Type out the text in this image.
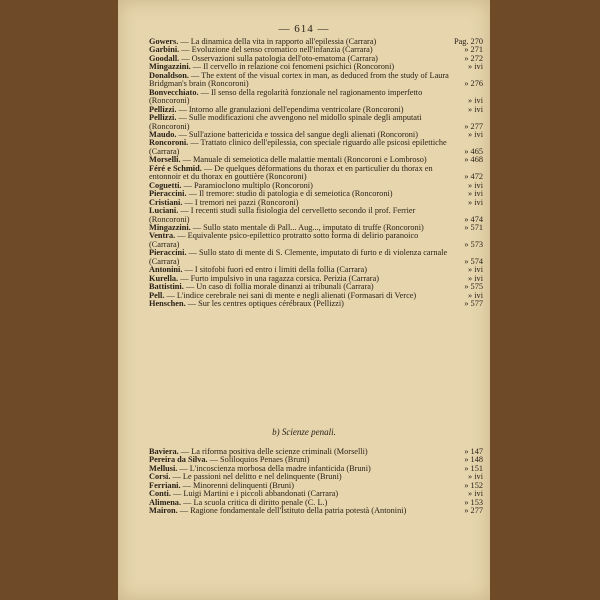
— 614 —
Gowers. — La dinamica della vita in rapporto all'epilessia (Carrara)	Pag. 270
Garbini. — Evoluzione del senso cromatico nell'infanzia (Carrara)	» 271
Goodall. — Osservazioni sulla patologia dell'oto-ematoma (Carrara)	» 272
Mingazzini. — Il cervello in relazione coi fenomeni psichici (Roncoroni)	» ivi
Donaldson. — The extent of the visual cortex in man, as deduced from the study of Laura Bridgman's brain (Roncoroni)	» 276
Bonvecchiato. — Il senso della regolarità fonzionale nel ragionamento imperfetto (Roncoroni)	» ivi
Pellizzi. — Intorno alle granulazioni dell'ependima ventricolare (Roncoroni)	» ivi
Pellizzi. — Sulle modificazioni che avvengono nel midollo spinale degli amputati (Roncoroni)	» 277
Maudo. — Sull'azione battericida e tossica del sangue degli alienati (Roncoroni)	» ivi
Roncoroni. — Trattato clinico dell'epilessia, con speciale riguardo alle psicosi epilettiche (Carrara)	» 465
Morselli. — Manuale di semeiotica delle malattie mentali (Roncoroni e Lombroso)	» 468
Féré e Schmid. — De quelques déformations du thorax et en particulier du thorax en entonnoir et du thorax en gouttière (Roncoroni)	» 472
Coguetti. — Paramioclono multiplo (Roncoroni)	» ivi
Pieraccini. — Il tremore: studio di patologia e di semeiotica (Roncoroni)	» ivi
Cristiani. — I tremori nei pazzi (Roncoroni)	» ivi
Luciani. — I recenti studi sulla fisiologia del cervelletto secondo il prof. Ferrier (Roncoroni)	» 474
Mingazzini. — Sullo stato mentale di Pall... Aug..., imputato di truffe (Roncoroni)	» 571
Ventra. — Equivalente psico-epilettico protratto sotto forma di delirio paranoico (Carrara)	» 573
Pieraccini. — Sullo stato di mente di S. Clemente, imputato di furto e di violenza carnale (Carrara)	» 574
Antonini. — I sitofobi fuori ed entro i limiti della follia (Carrara)	» ivi
Kurella. — Furto impulsivo in una ragazza corsica. Perizia (Carrara)	» ivi
Battistini. — Un caso di follia morale dinanzi ai tribunali (Carrara)	» 575
Pell. — L'indice cerebrale nei sani di mente e negli alienati (Formasari di Verce)	» ivi
Henschen. — Sur les centres optiques cérébraux (Pellizzi)	» 577
b) Scienze penali.
Baviera. — La riforma positiva delle scienze criminali (Morselli)	» 147
Pereira da Silva. — Soliloquios Penaes (Bruni)	» 148
Mellusi. — L'incoscienza morbosa della madre infanticida (Bruni)	» 151
Corsi. — Le passioni nel delitto e nel delinquente (Bruni)	» ivi
Ferriani. — Minorenni delinquenti (Bruni)	» 152
Conti. — Luigi Martini e i piccoli abbandonati (Carrara)	» ivi
Alimena. — La scuola critica di diritto penale (C. L.)	» 153
Mairon. — Ragione fondamentale dell'Istituto della patria potestà (Antonini)	» 277
